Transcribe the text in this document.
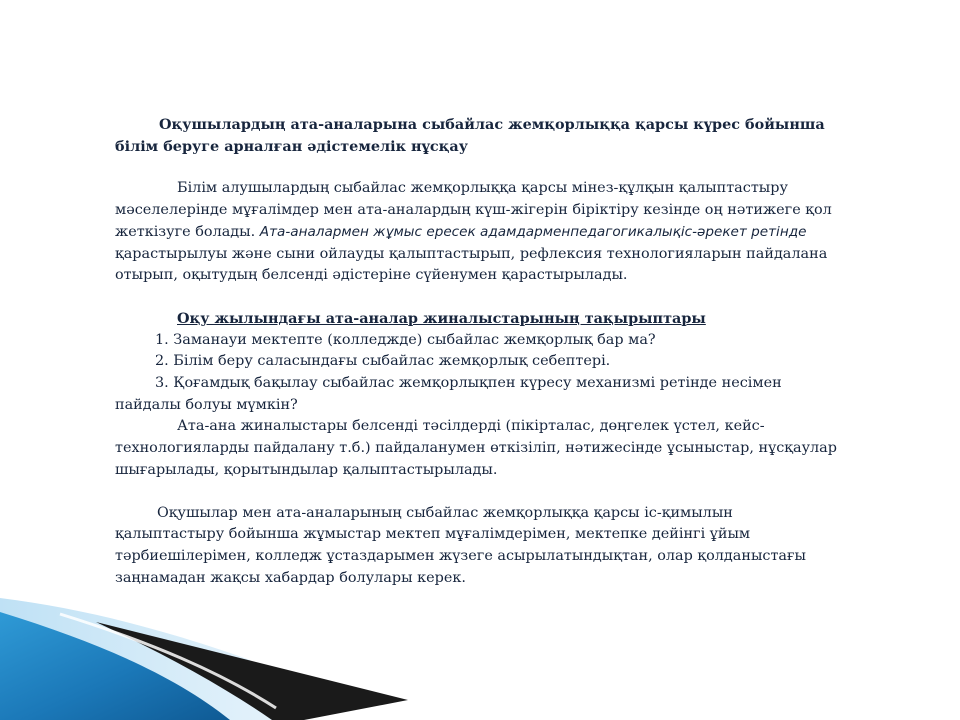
Оқушылардың ата-аналарына сыбайлас жемқорлыққа қарсы күрес бойынша білім беруге арналған әдістемелік нұсқау

Білім алушылардың сыбайлас жемқорлыққа қарсы мінез-құлқын қалыптастыру мәселелерінде мұғалімдер мен ата-аналардың күш-жігерін біріктіру кезінде оң нәтижеге қол жеткізуге болады. Ата-аналармен жұмыс ересек адамдарменпедагогикалықіс-әрекет ретінде қарастырылуы және сыни ойлауды қалыптастырып, рефлексия технологияларын пайдалана отырып, оқытудың белсенді әдістеріне сүйенумен қарастырылады.

Оқу жылындағы ата-аналар жиналыстарының тақырыптары

1. Заманауи мектепте (колледжде) сыбайлас жемқорлық бар ма?

2. Білім беру саласындағы сыбайлас жемқорлық себептері.

3. Қоғамдық бақылау сыбайлас жемқорлықпен күресу механизмі ретінде несімен пайдалы болуы мүмкін?

Ата-ана жиналыстары белсенді тәсілдерді (пікірталас, дөңгелек үстел, кейс-технологияларды пайдалану т.б.) пайдаланумен өткізіліп, нәтижесінде ұсыныстар, нұсқаулар шығарылады, қорытындылар қалыптастырылады.

Оқушылар мен ата-аналарының сыбайлас жемқорлыққа қарсы іс-қимылын қалыптастыру бойынша жұмыстар мектеп мұғалімдерімен, мектепке дейінгі ұйым тәрбиешілерімен, колледж ұстаздарымен жүзеге асырылатындықтан, олар қолданыстағы заңнамадан жақсы хабардар болулары керек.
